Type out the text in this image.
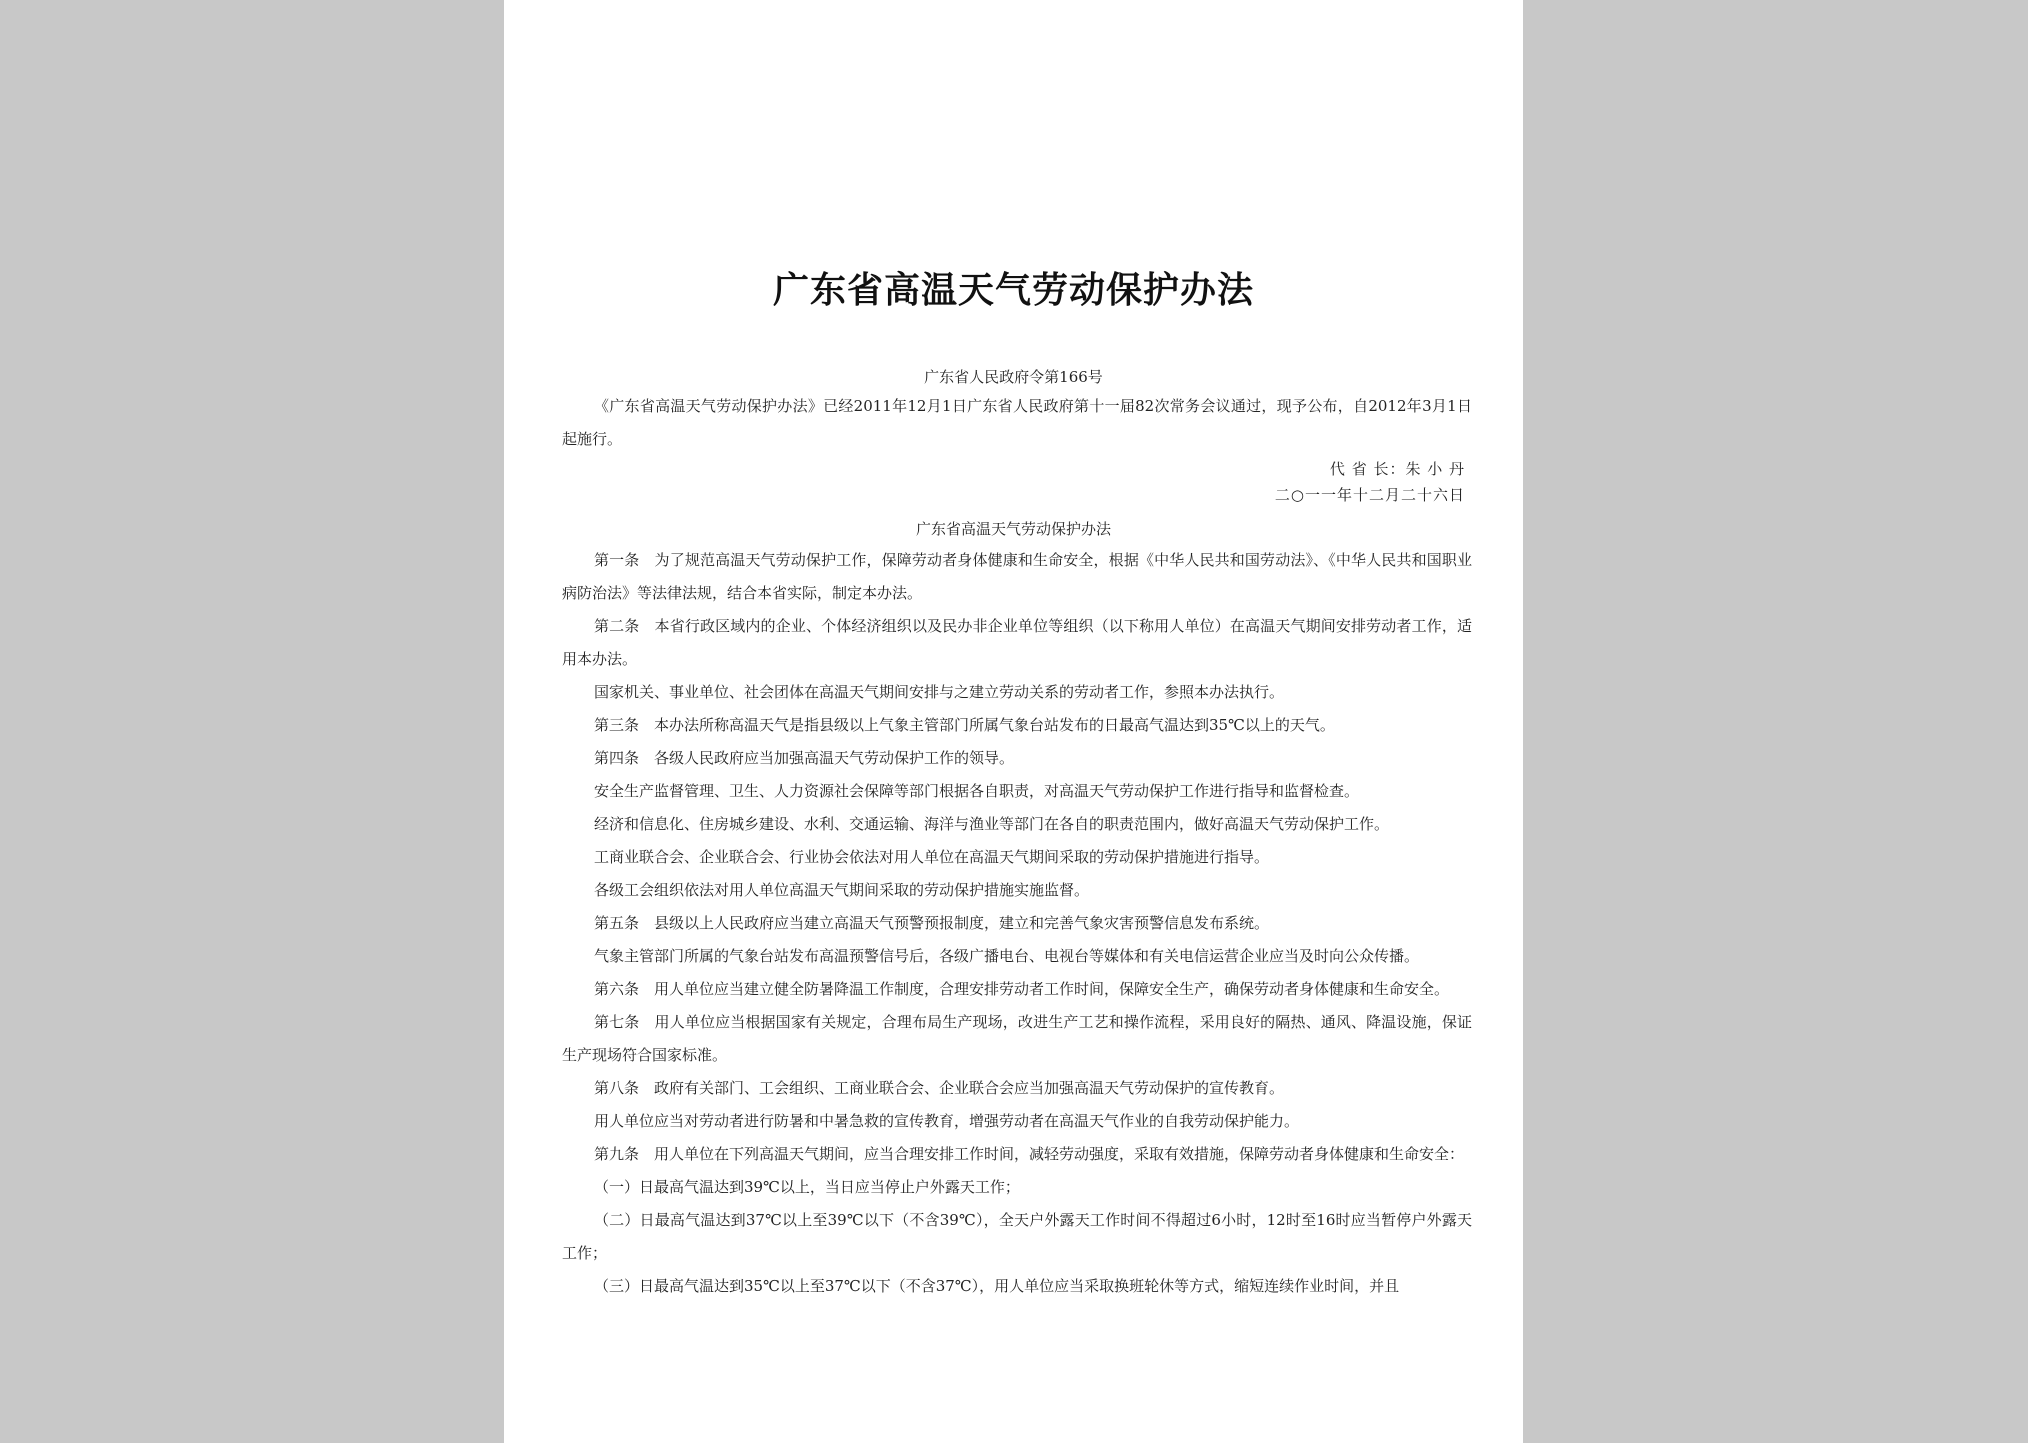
广东省高温天气劳动保护办法
广东省人民政府令第166号

《广东省高温天气劳动保护办法》已经2011年12月1日广东省人民政府第十一届82次常务会议通过，现予公布，自2012年3月1日起施行。

代 省 长：朱 小 丹
二○一一年十二月二十六日
广东省高温天气劳动保护办法

第一条　为了规范高温天气劳动保护工作，保障劳动者身体健康和生命安全，根据《中华人民共和国劳动法》、《中华人民共和国职业病防治法》等法律法规，结合本省实际，制定本办法。

第二条　本省行政区域内的企业、个体经济组织以及民办非企业单位等组织（以下称用人单位）在高温天气期间安排劳动者工作，适用本办法。

国家机关、事业单位、社会团体在高温天气期间安排与之建立劳动关系的劳动者工作，参照本办法执行。

第三条　本办法所称高温天气是指县级以上气象主管部门所属气象台站发布的日最高气温达到35℃以上的天气。

第四条　各级人民政府应当加强高温天气劳动保护工作的领导。

安全生产监督管理、卫生、人力资源社会保障等部门根据各自职责，对高温天气劳动保护工作进行指导和监督检查。

经济和信息化、住房城乡建设、水利、交通运输、海洋与渔业等部门在各自的职责范围内，做好高温天气劳动保护工作。

工商业联合会、企业联合会、行业协会依法对用人单位在高温天气期间采取的劳动保护措施进行指导。

各级工会组织依法对用人单位高温天气期间采取的劳动保护措施实施监督。

第五条　县级以上人民政府应当建立高温天气预警预报制度，建立和完善气象灾害预警信息发布系统。

气象主管部门所属的气象台站发布高温预警信号后，各级广播电台、电视台等媒体和有关电信运营企业应当及时向公众传播。

第六条　用人单位应当建立健全防暑降温工作制度，合理安排劳动者工作时间，保障安全生产，确保劳动者身体健康和生命安全。

第七条　用人单位应当根据国家有关规定，合理布局生产现场，改进生产工艺和操作流程，采用良好的隔热、通风、降温设施，保证生产现场符合国家标准。

第八条　政府有关部门、工会组织、工商业联合会、企业联合会应当加强高温天气劳动保护的宣传教育。

用人单位应当对劳动者进行防暑和中暑急救的宣传教育，增强劳动者在高温天气作业的自我劳动保护能力。

第九条　用人单位在下列高温天气期间，应当合理安排工作时间，减轻劳动强度，采取有效措施，保障劳动者身体健康和生命安全：

（一）日最高气温达到39℃以上，当日应当停止户外露天工作；

（二）日最高气温达到37℃以上至39℃以下（不含39℃），全天户外露天工作时间不得超过6小时，12时至16时应当暂停户外露天工作；

（三）日最高气温达到35℃以上至37℃以下（不含37℃），用人单位应当采取换班轮休等方式，缩短连续作业时间，并且
